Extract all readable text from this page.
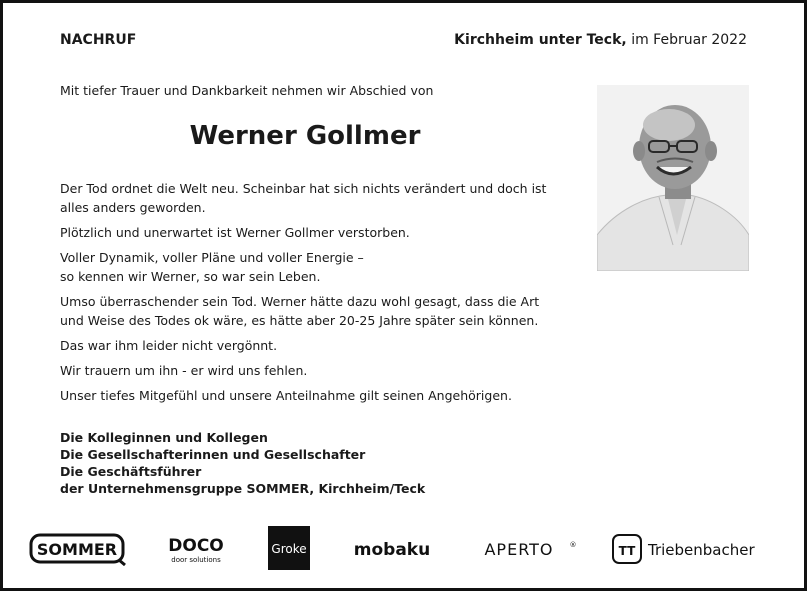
NACHRUF	Kirchheim unter Teck, im Februar 2022
Mit tiefer Trauer und Dankbarkeit nehmen wir Abschied von
Werner Gollmer

Der Tod ordnet die Welt neu. Scheinbar hat sich nichts verändert und doch ist
alles anders geworden.

Plötzlich und unerwartet ist Werner Gollmer verstorben.

Voller Dynamik, voller Pläne und voller Energie –
so kennen wir Werner, so war sein Leben.

Umso überraschender sein Tod. Werner hätte dazu wohl gesagt, dass die Art
und Weise des Todes ok wäre, es hätte aber 20-25 Jahre später sein können.

Das war ihm leider nicht vergönnt.

Wir trauern um ihn - er wird uns fehlen.

Unser tiefes Mitgefühl und unsere Anteilnahme gilt seinen Angehörigen.

Die Kolleginnen und Kollegen
Die Gesellschafterinnen und Gesellschafter
Die Geschäftsführer
der Unternehmensgruppe SOMMER, Kirchheim/Teck
SOMMER	DOCO
door solutions
Groke	mobaku	APERTO ®	TT Triebenbacher
